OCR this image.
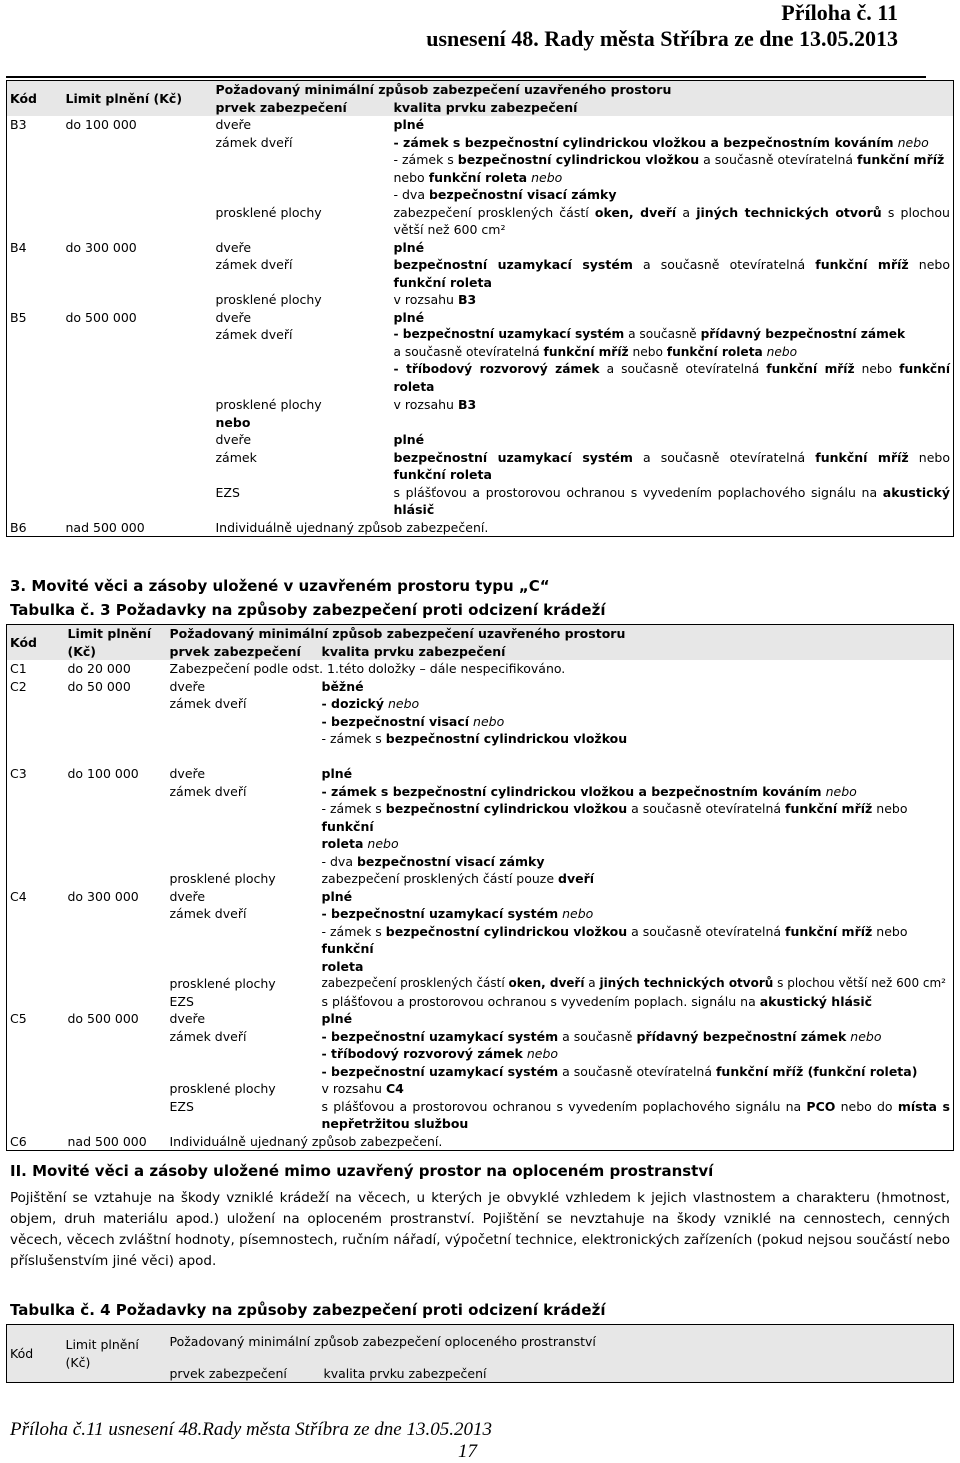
Příloha č. 11
usnesení 48. Rady města Stříbra ze dne 13.05.2013
Kód	Limit plnění (Kč)	Požadovaný minimální způsob zabezpečení uzavřeného prostoru	
		prvek zabezpečení	kvalita prvku zabezpečení
B3	do 100 000	dveře	plné
		zámek dveří	- zámek s bezpečnostní cylindrickou vložkou a bezpečnostním kováním nebo
- zámek s bezpečnostní cylindrickou vložkou a současně otevíratelná funkční mříž
nebo funkční roleta nebo
- dva bezpečnostní visací zámky
		prosklené plochy	zabezpečení prosklených částí oken, dveří a jiných technických otvorů s plochou větší než 600 cm²
B4	do 300 000	dveře	plné
		zámek dveří	bezpečnostní uzamykací systém a současně otevíratelná funkční mříž nebo funkční roleta
		prosklené plochy	v rozsahu B3
B5	do 500 000	dveře	plné
		zámek dveří	- bezpečnostní uzamykací systém a současně přídavný bezpečnostní zámek
a současně otevíratelná funkční mříž nebo funkční roleta nebo
- tříbodový rozvorový zámek a současně otevíratelná funkční mříž nebo funkční roleta
		prosklené plochy	v rozsahu B3
		nebo	
		dveře	plné
		zámek	bezpečnostní uzamykací systém a současně otevíratelná funkční mříž nebo funkční roleta
		EZS	s plášťovou a prostorovou ochranou s vyvedením poplachového signálu na akustický hlásič
B6	nad 500 000	Individuálně ujednaný způsob zabezpečení.	
3. Movité věci a zásoby uložené v uzavřeném prostoru typu „C“
Tabulka č. 3 Požadavky na způsoby zabezpečení proti odcizení krádeží
Kód	Limit plnění (Kč)	Požadovaný minimální způsob zabezpečení uzavřeného prostoru	
		prvek zabezpečení	kvalita prvku zabezpečení
C1	do 20 000	Zabezpečení podle odst. 1.této doložky – dále nespecifikováno.	
C2	do 50 000	dveře	běžné
		zámek dveří	- dozický nebo
- bezpečnostní visací nebo
- zámek s bezpečnostní cylindrickou vložkou

C3	do 100 000	dveře	plné
		zámek dveří	- zámek s bezpečnostní cylindrickou vložkou a bezpečnostním kováním nebo
- zámek s bezpečnostní cylindrickou vložkou a současně otevíratelná funkční mříž nebo funkční
roleta nebo
- dva bezpečnostní visací zámky
		prosklené plochy	zabezpečení prosklených částí pouze dveří
C4	do 300 000	dveře	plné
		zámek dveří	- bezpečnostní uzamykací systém nebo
- zámek s bezpečnostní cylindrickou vložkou a současně otevíratelná funkční mříž nebo funkční
roleta
		prosklené plochy	zabezpečení prosklených částí oken, dveří a jiných technických otvorů s plochou větší než 600 cm²
		EZS	s plášťovou a prostorovou ochranou s vyvedením poplach. signálu na akustický hlásič
C5	do 500 000	dveře	plné
		zámek dveří	- bezpečnostní uzamykací systém a současně přídavný bezpečnostní zámek nebo
- tříbodový rozvorový zámek nebo
- bezpečnostní uzamykací systém a současně otevíratelná funkční mříž (funkční roleta)
		prosklené plochy	v rozsahu C4
		EZS	s plášťovou a prostorovou ochranou s vyvedením poplachového signálu na PCO nebo do místa s nepřetržitou službou
C6	nad 500 000	Individuálně ujednaný způsob zabezpečení.	
II. Movité věci a zásoby uložené mimo uzavřený prostor na oploceném prostranství
Pojištění se vztahuje na škody vzniklé krádeží na věcech, u kterých je obvyklé vzhledem k jejich vlastnostem a charakteru (hmotnost, objem, druh materiálu apod.) uložení na oploceném prostranství. Pojištění se nevztahuje na škody vzniklé na cennostech, cenných věcech, věcech zvláštní hodnoty, písemnostech, ručním nářadí, výpočetní technice, elektronických zařízeních (pokud nejsou součástí nebo příslušenstvím jiné věci) apod.
Tabulka č. 4 Požadavky na způsoby zabezpečení proti odcizení krádeží
Kód	Limit plnění (Kč)	Požadovaný minimální způsob zabezpečení oploceného prostranství	
		prvek zabezpečení	kvalita prvku zabezpečení
Příloha č.11 usnesení 48.Rady města Stříbra ze dne 13.05.2013
17
